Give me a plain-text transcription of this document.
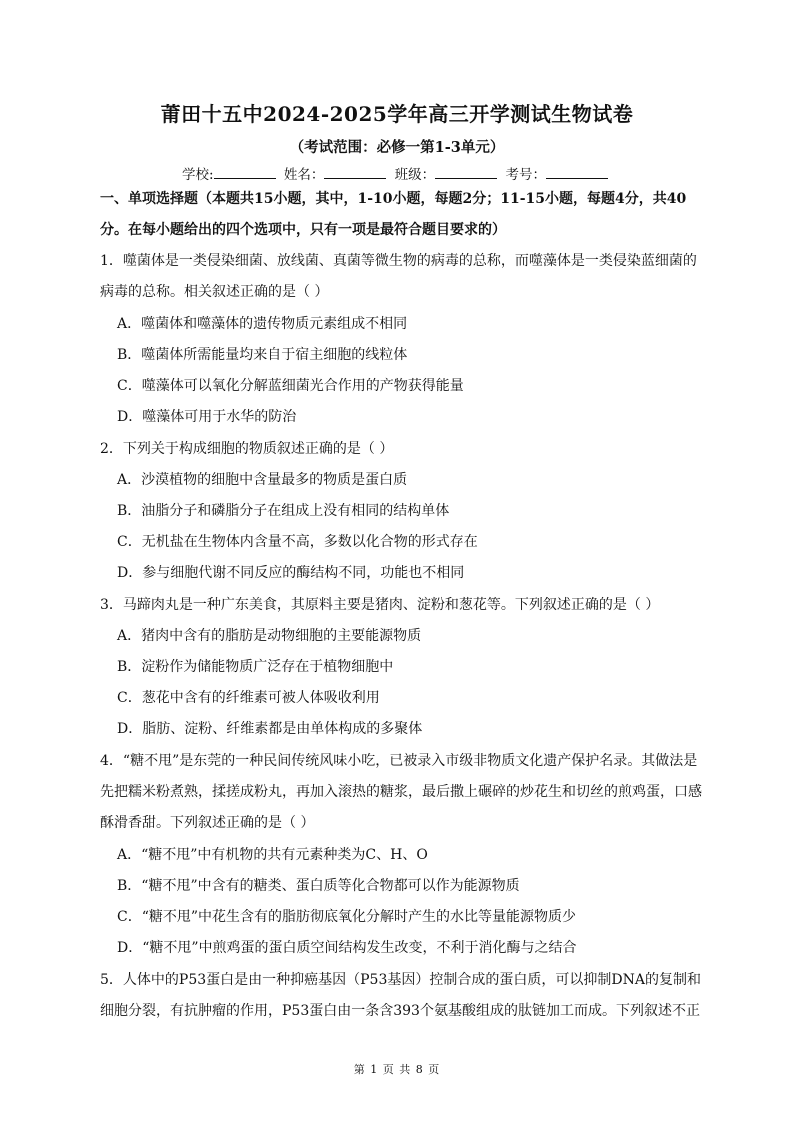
莆田十五中2024-2025学年高三开学测试生物试卷
（考试范围：必修一第1-3单元）
学校:	姓名：	班级：	考号：
一、单项选择题（本题共15小题，其中，1-10小题，每题2分；11-15小题，每题4分，共40
分。在每小题给出的四个选项中，只有一项是最符合题目要求的）
1．噬菌体是一类侵染细菌、放线菌、真菌等微生物的病毒的总称，而噬藻体是一类侵染蓝细菌的
病毒的总称。相关叙述正确的是（ ）
A．噬菌体和噬藻体的遗传物质元素组成不相同
B．噬菌体所需能量均来自于宿主细胞的线粒体
C．噬藻体可以氧化分解蓝细菌光合作用的产物获得能量
D．噬藻体可用于水华的防治
2．下列关于构成细胞的物质叙述正确的是（ ）
A．沙漠植物的细胞中含量最多的物质是蛋白质
B．油脂分子和磷脂分子在组成上没有相同的结构单体
C．无机盐在生物体内含量不高，多数以化合物的形式存在
D．参与细胞代谢不同反应的酶结构不同，功能也不相同
3．马蹄肉丸是一种广东美食，其原料主要是猪肉、淀粉和葱花等。下列叙述正确的是（ ）
A．猪肉中含有的脂肪是动物细胞的主要能源物质
B．淀粉作为储能物质广泛存在于植物细胞中
C．葱花中含有的纤维素可被人体吸收利用
D．脂肪、淀粉、纤维素都是由单体构成的多聚体
4．“糖不甩”是东莞的一种民间传统风味小吃，已被录入市级非物质文化遗产保护名录。其做法是
先把糯米粉煮熟，揉搓成粉丸，再加入滚热的糖浆，最后撒上碾碎的炒花生和切丝的煎鸡蛋，口感
酥滑香甜。下列叙述正确的是（ ）
A．“糖不甩”中有机物的共有元素种类为C、H、O
B．“糖不甩”中含有的糖类、蛋白质等化合物都可以作为能源物质
C．“糖不甩”中花生含有的脂肪彻底氧化分解时产生的水比等量能源物质少
D．“糖不甩”中煎鸡蛋的蛋白质空间结构发生改变，不利于消化酶与之结合
5．人体中的P53蛋白是由一种抑癌基因（P53基因）控制合成的蛋白质，可以抑制DNA的复制和
细胞分裂，有抗肿瘤的作用，P53蛋白由一条含393个氨基酸组成的肽链加工而成。下列叙述不正
第 1 页 共 8 页
